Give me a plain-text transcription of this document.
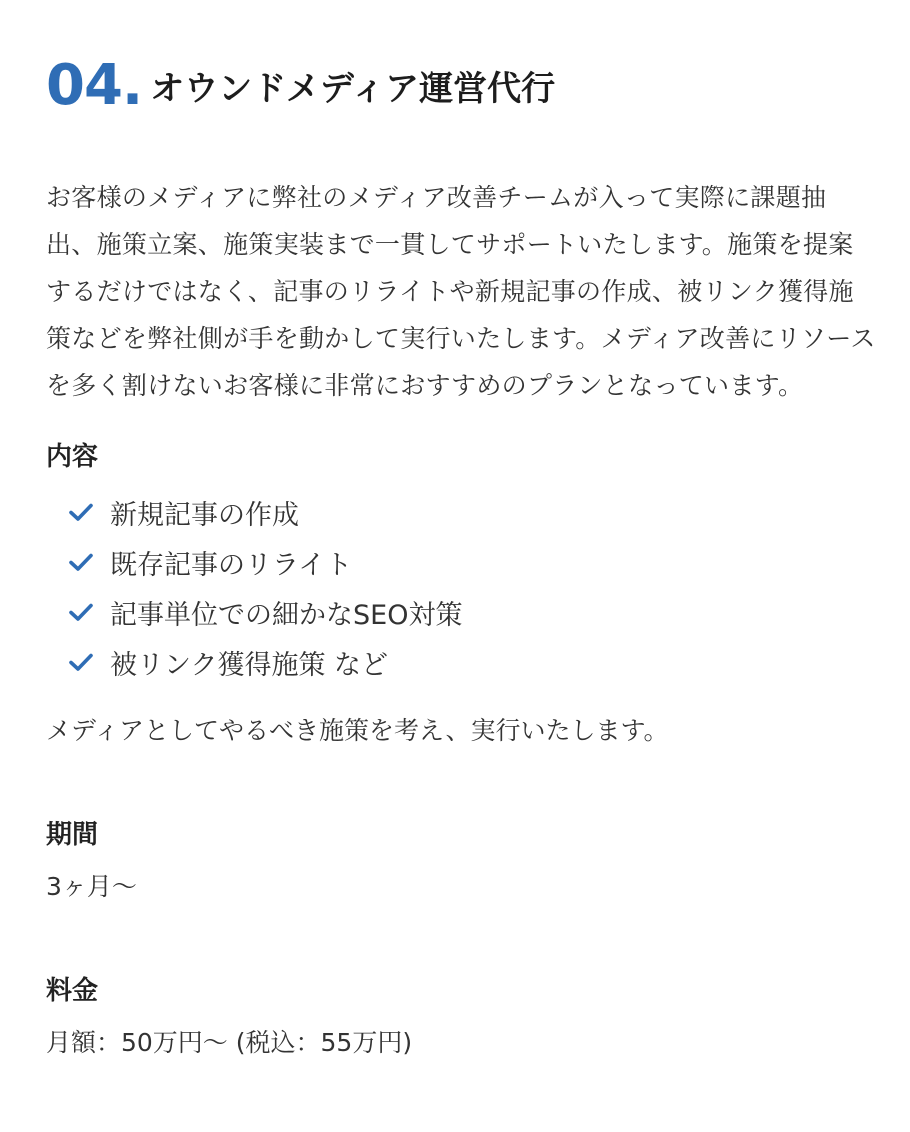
04. オウンドメディア運営代行

お客様のメディアに弊社のメディア改善チームが入って実際に課題抽出、施策立案、施策実装まで一貫してサポートいたします。施策を提案するだけではなく、記事のリライトや新規記事の作成、被リンク獲得施策などを弊社側が手を動かして実行いたします。メディア改善にリソースを多く割けないお客様に非常におすすめのプランとなっています。

内容
新規記事の作成
既存記事のリライト
記事単位での細かなSEO対策
被リンク獲得施策 など

メディアとしてやるべき施策を考え、実行いたします。

期間

3ヶ月〜

料金

月額：50万円〜 (税込：55万円)
